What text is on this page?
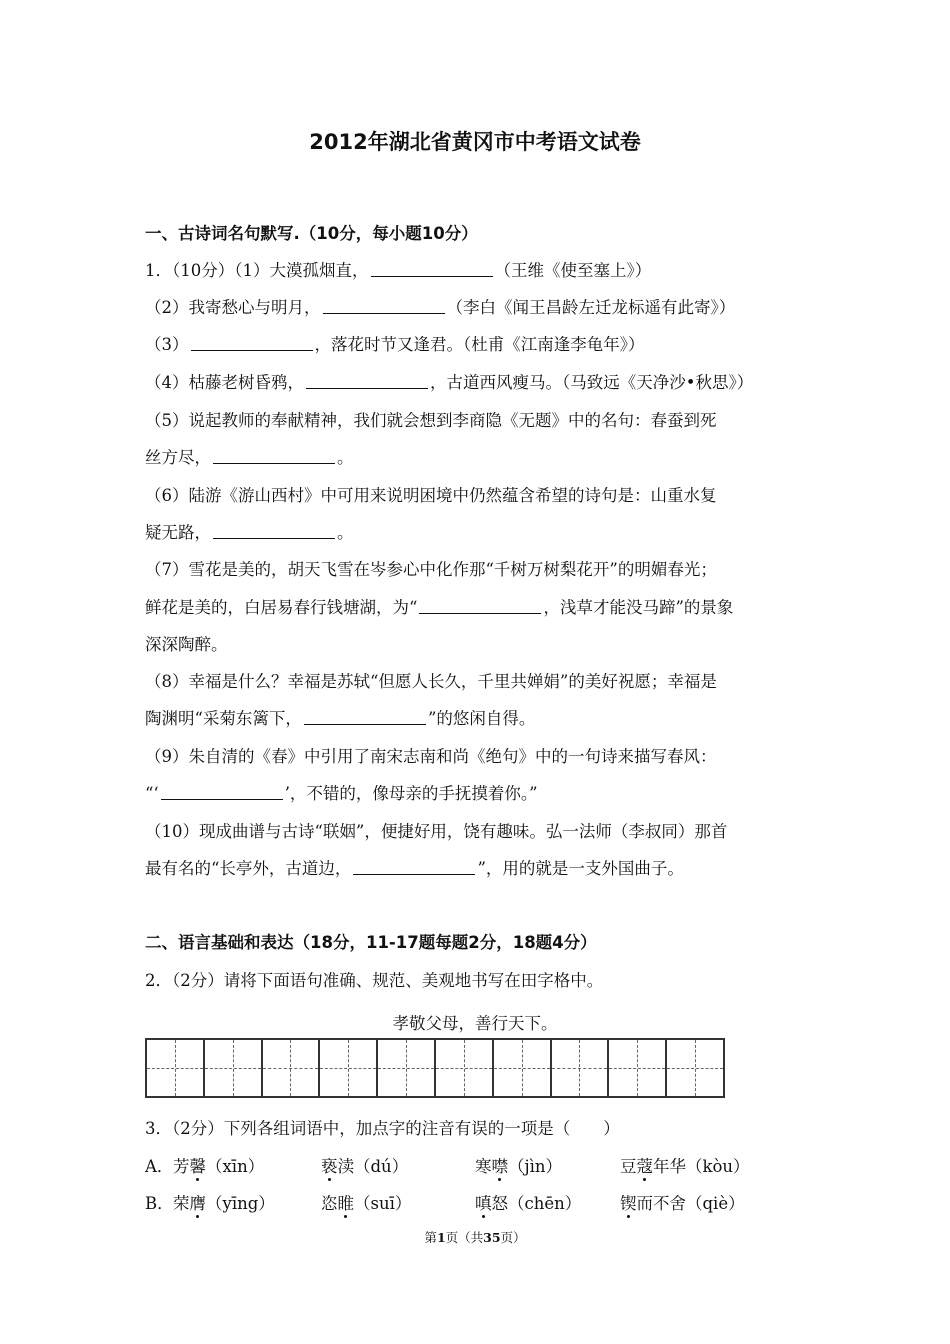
2012年湖北省黄冈市中考语文试卷
一、古诗词名句默写.（10分，每小题10分）
1．（10分）（1）大漠孤烟直，	（王维《使至塞上》）
（2）我寄愁心与明月，	（李白《闻王昌龄左迁龙标遥有此寄》）
（3）	，落花时节又逢君。（杜甫《江南逢李龟年》）
（4）枯藤老树昏鸦，	，古道西风瘦马。（马致远《天净沙•秋思》）
（5）说起教师的奉献精神，我们就会想到李商隐《无题》中的名句：春蚕到死
丝方尽，	。
（6）陆游《游山西村》中可用来说明困境中仍然蕴含希望的诗句是：山重水复
疑无路，	。
（7）雪花是美的，胡天飞雪在岑参心中化作那“千树万树梨花开”的明媚春光；
鲜花是美的，白居易春行钱塘湖，为“	，浅草才能没马蹄”的景象
深深陶醉。
（8）幸福是什么？幸福是苏轼“但愿人长久，千里共婵娟”的美好祝愿；幸福是
陶渊明“采菊东篱下，	”的悠闲自得。
（9）朱自清的《春》中引用了南宋志南和尚《绝句》中的一句诗来描写春风：
“‘	’，不错的，像母亲的手抚摸着你。”
（10）现成曲谱与古诗“联姻”，便捷好用，饶有趣味。弘一法师（李叔同）那首
最有名的“长亭外，古道边，	”，用的就是一支外国曲子。
二、语言基础和表达（18分，11-17题每题2分，18题4分）
2．（2分）请将下面语句准确、规范、美观地书写在田字格中。
孝敬父母，善行天下。
3．（2分）下列各组词语中，加点字的注音有误的一项是（　　）
A． 芳馨（xīn）	亵渎（dú）	寒噤（jìn）	豆蔻年华（kòu）
B． 荣膺（yīng）	恣睢（suī）	嗔怒（chēn） 锲而不舍（qiè）
第1页（共35页）
